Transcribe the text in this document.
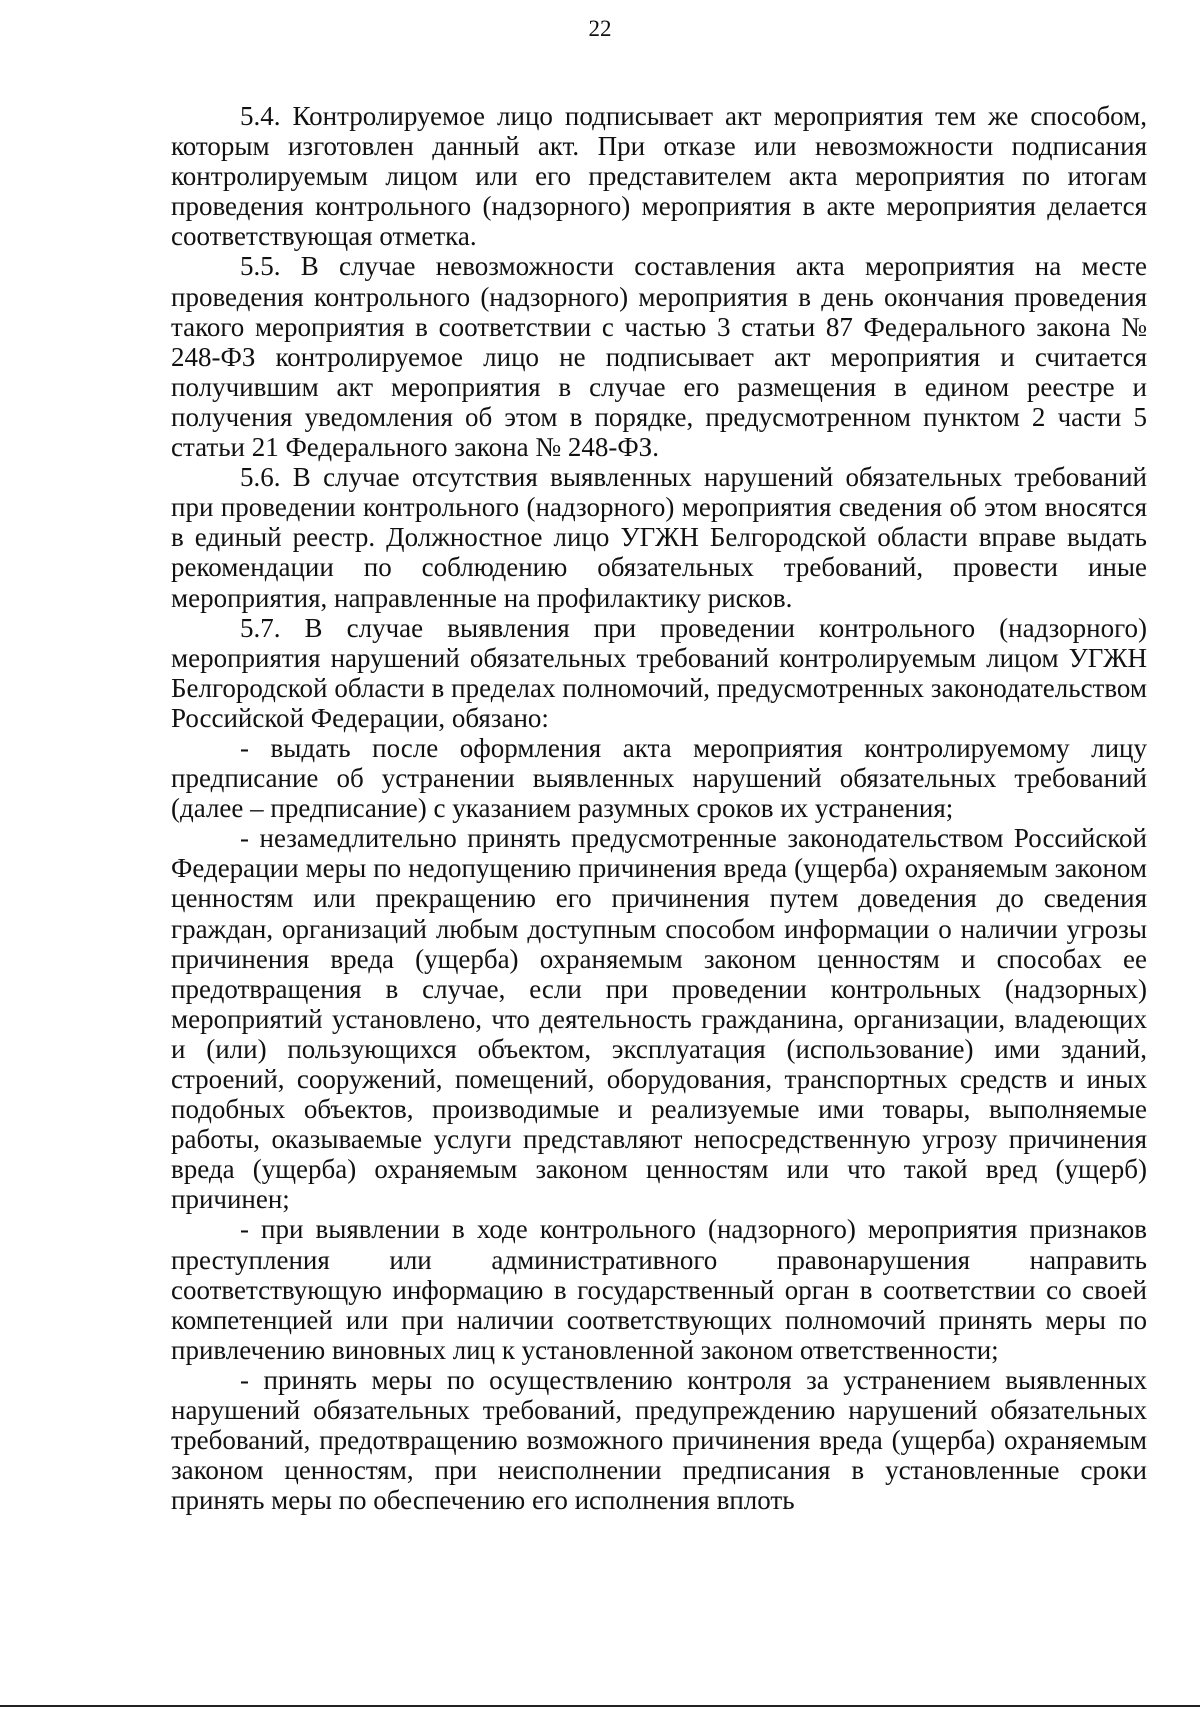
22

5.4. Контролируемое лицо подписывает акт мероприятия тем же способом, которым изготовлен данный акт. При отказе или невозможности подписания контролируемым лицом или его представителем акта мероприятия по итогам проведения контрольного (надзорного) мероприятия в акте мероприятия делается соответствующая отметка.

5.5. В случае невозможности составления акта мероприятия на месте проведения контрольного (надзорного) мероприятия в день окончания проведения такого мероприятия в соответствии с частью 3 статьи 87 Федерального закона № 248-ФЗ контролируемое лицо не подписывает акт мероприятия и считается получившим акт мероприятия в случае его размещения в едином реестре и получения уведомления об этом в порядке, предусмотренном пунктом 2 части 5 статьи 21 Федерального закона № 248-ФЗ.

5.6. В случае отсутствия выявленных нарушений обязательных требований при проведении контрольного (надзорного) мероприятия сведения об этом вносятся в единый реестр. Должностное лицо УГЖН Белгородской области вправе выдать рекомендации по соблюдению обязательных требований, провести иные мероприятия, направленные на профилактику рисков.

5.7. В случае выявления при проведении контрольного (надзорного) мероприятия нарушений обязательных требований контролируемым лицом УГЖН Белгородской области в пределах полномочий, предусмотренных законодательством Российской Федерации, обязано:

- выдать после оформления акта мероприятия контролируемому лицу предписание об устранении выявленных нарушений обязательных требований (далее – предписание) с указанием разумных сроков их устранения;

- незамедлительно принять предусмотренные законодательством Российской Федерации меры по недопущению причинения вреда (ущерба) охраняемым законом ценностям или прекращению его причинения путем доведения до сведения граждан, организаций любым доступным способом информации о наличии угрозы причинения вреда (ущерба) охраняемым законом ценностям и способах ее предотвращения в случае, если при проведении контрольных (надзорных) мероприятий установлено, что деятельность гражданина, организации, владеющих и (или) пользующихся объектом, эксплуатация (использование) ими зданий, строений, сооружений, помещений, оборудования, транспортных средств и иных подобных объектов, производимые и реализуемые ими товары, выполняемые работы, оказываемые услуги представляют непосредственную угрозу причинения вреда (ущерба) охраняемым законом ценностям или что такой вред (ущерб) причинен;

- при выявлении в ходе контрольного (надзорного) мероприятия признаков преступления или административного правонарушения направить соответствующую информацию в государственный орган в соответствии со своей компетенцией или при наличии соответствующих полномочий принять меры по привлечению виновных лиц к установленной законом ответственности;

- принять меры по осуществлению контроля за устранением выявленных нарушений обязательных требований, предупреждению нарушений обязательных требований, предотвращению возможного причинения вреда (ущерба) охраняемым законом ценностям, при неисполнении предписания в установленные сроки принять меры по обеспечению его исполнения вплоть
